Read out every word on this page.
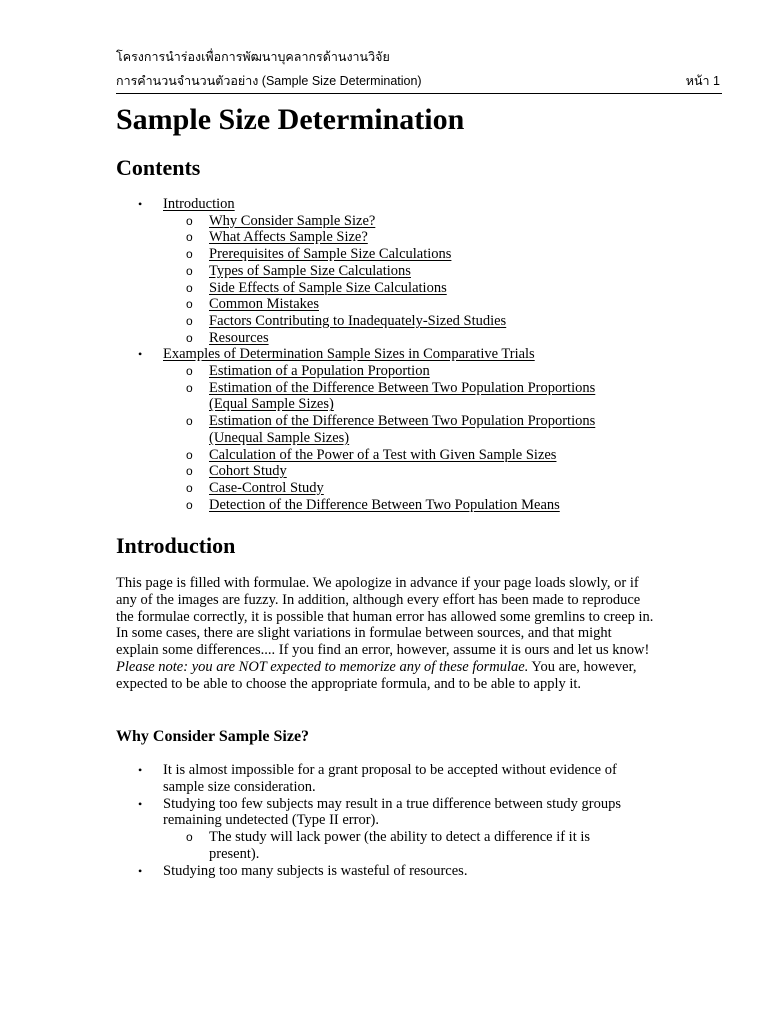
โครงการนำร่องเพื่อการพัฒนาบุคลากรด้านงานวิจัย
การคำนวนจำนวนตัวอย่าง (Sample Size Determination)	หน้า 1
Sample Size Determination
Contents
• Introduction
o Why Consider Sample Size?
o What Affects Sample Size?
o Prerequisites of Sample Size Calculations
o Types of Sample Size Calculations
o Side Effects of Sample Size Calculations
o Common Mistakes
o Factors Contributing to Inadequately-Sized Studies
o Resources
• Examples of Determination Sample Sizes in Comparative Trials
o Estimation of a Population Proportion
o Estimation of the Difference Between Two Population Proportions
(Equal Sample Sizes)
o Estimation of the Difference Between Two Population Proportions
(Unequal Sample Sizes)
o Calculation of the Power of a Test with Given Sample Sizes
o Cohort Study
o Case-Control Study
o Detection of the Difference Between Two Population Means
Introduction

This page is filled with formulae. We apologize in advance if your page loads slowly, or if any of the images are fuzzy. In addition, although every effort has been made to reproduce the formulae correctly, it is possible that human error has allowed some gremlins to creep in. In some cases, there are slight variations in formulae between sources, and that might explain some differences.... If you find an error, however, assume it is ours and let us know! Please note: you are NOT expected to memorize any of these formulae. You are, however, expected to be able to choose the appropriate formula, and to be able to apply it.

Why Consider Sample Size?
• It is almost impossible for a grant proposal to be accepted without evidence of
sample size consideration.
• Studying too few subjects may result in a true difference between study groups
remaining undetected (Type II error).
o The study will lack power (the ability to detect a difference if it is
present).
• Studying too many subjects is wasteful of resources.
